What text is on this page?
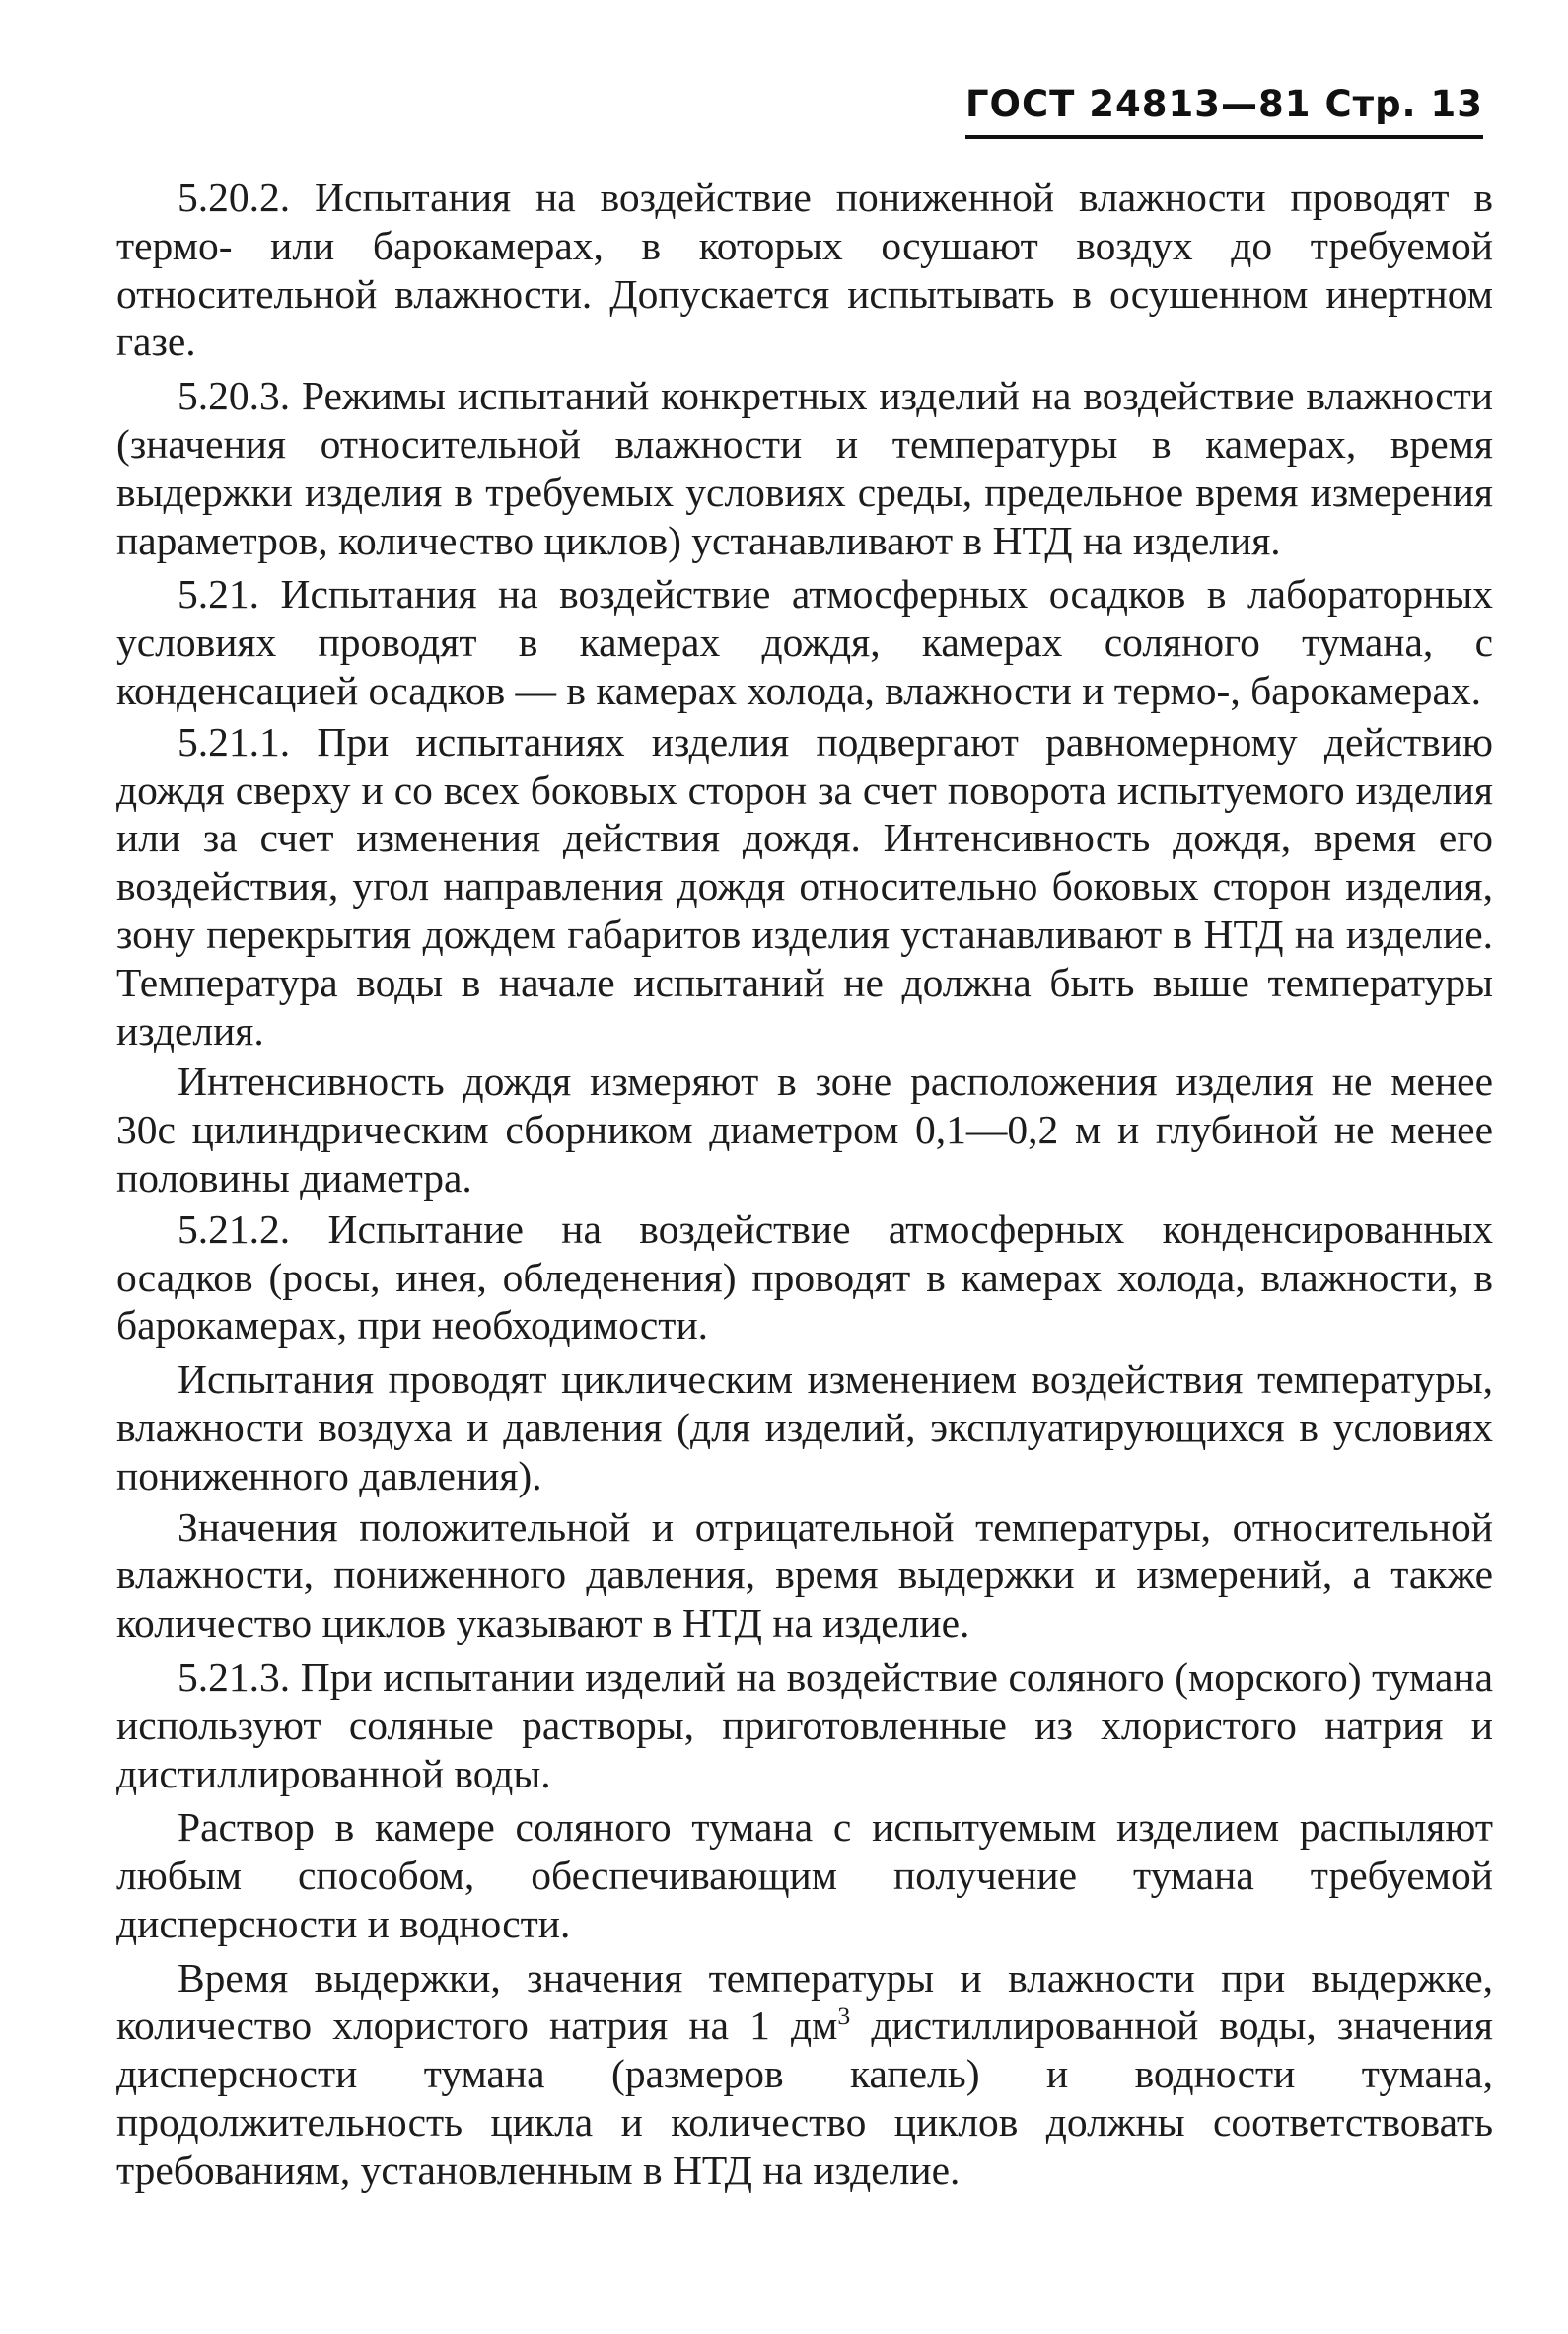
ГОСТ 24813—81 Стр. 13

5.20.2. Испытания на воздействие пониженной влажности проводят в термо- или барокамерах, в которых осушают воздух до требуемой относительной влажности. Допускается испытывать в осушенном инертном газе.

5.20.3. Режимы испытаний конкретных изделий на воздействие влажности (значения относительной влажности и температуры в камерах, время выдержки изделия в требуемых условиях среды, предельное время измерения параметров, количество циклов) устанавливают в НТД на изделия.

5.21. Испытания на воздействие атмосферных осадков в лабораторных условиях проводят в камерах дождя, камерах соляного тумана, с конденсацией осадков — в камерах холода, влажности и термо-, барокамерах.

5.21.1. При испытаниях изделия подвергают равномерному действию дождя сверху и со всех боковых сторон за счет поворота испытуемого изделия или за счет изменения действия дождя. Интенсивность дождя, время его воздействия, угол направления дождя относительно боковых сторон изделия, зону перекрытия дождем габаритов изделия устанавливают в НТД на изделие. Температура воды в начале испытаний не должна быть выше температуры изделия.

Интенсивность дождя измеряют в зоне расположения изделия не менее 30с цилиндрическим сборником диаметром 0,1—0,2 м и глубиной не менее половины диаметра.

5.21.2. Испытание на воздействие атмосферных конденсированных осадков (росы, инея, обледенения) проводят в камерах холода, влажности, в барокамерах, при необходимости.

Испытания проводят циклическим изменением воздействия температуры, влажности воздуха и давления (для изделий, эксплуатирующихся в условиях пониженного давления).

Значения положительной и отрицательной температуры, относительной влажности, пониженного давления, время выдержки и измерений, а также количество циклов указывают в НТД на изделие.

5.21.3. При испытании изделий на воздействие соляного (морского) тумана используют соляные растворы, приготовленные из хлористого натрия и дистиллированной воды.

Раствор в камере соляного тумана с испытуемым изделием распыляют любым способом, обеспечивающим получение тумана требуемой дисперсности и водности.

Время выдержки, значения температуры и влажности при выдержке, количество хлористого натрия на 1 $дм^3$ дистиллированной воды, значения дисперсности тумана (размеров капель) и водности тумана, продолжительность цикла и количество циклов должны соответствовать требованиям, установленным в НТД на изделие.
